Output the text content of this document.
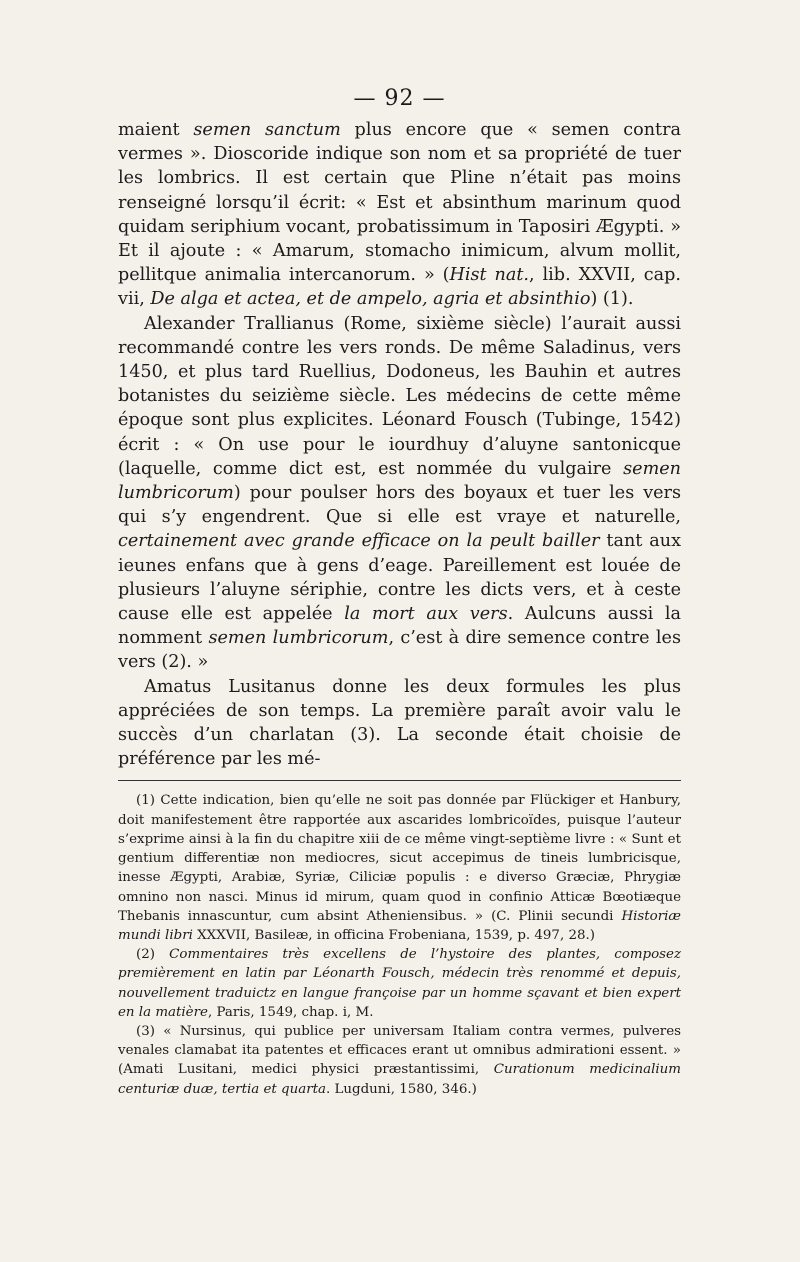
— 92 —

maient semen sanctum plus encore que « semen contra vermes ». Dioscoride indique son nom et sa propriété de tuer les lombrics. Il est certain que Pline n’était pas moins renseigné lorsqu’il écrit: « Est et absinthum marinum quod quidam seriphium vocant, probatissimum in Taposiri Ægypti. » Et il ajoute : « Amarum, stomacho inimicum, alvum mollit, pellitque animalia intercanorum. » (Hist nat., lib. XXVII, cap. vii, De alga et actea, et de ampelo, agria et absinthio) (1).

Alexander Trallianus (Rome, sixième siècle) l’aurait aussi recommandé contre les vers ronds. De même Saladinus, vers 1450, et plus tard Ruellius, Dodoneus, les Bauhin et autres botanistes du seizième siècle. Les médecins de cette même époque sont plus explicites. Léonard Fousch (Tubinge, 1542) écrit : « On use pour le iourdhuy d’aluyne santonicque (laquelle, comme dict est, est nommée du vulgaire semen lumbricorum) pour poulser hors des boyaux et tuer les vers qui s’y engendrent. Que si elle est vraye et naturelle, certainement avec grande efficace on la peult bailler tant aux ieunes enfans que à gens d’eage. Pareillement est louée de plusieurs l’aluyne sériphie, contre les dicts vers, et à ceste cause elle est appelée la mort aux vers. Aulcuns aussi la nomment semen lumbricorum, c’est à dire semence contre les vers (2). »

Amatus Lusitanus donne les deux formules les plus appréciées de son temps. La première paraît avoir valu le succès d’un charlatan (3). La seconde était choisie de préférence par les mé-

(1) Cette indication, bien qu’elle ne soit pas donnée par Flückiger et Hanbury, doit manifestement être rapportée aux ascarides lombricoïdes, puisque l’auteur s’exprime ainsi à la fin du chapitre xiii de ce même vingt-septième livre : « Sunt et gentium differentiæ non mediocres, sicut accepimus de tineis lumbricisque, inesse Ægypti, Arabiæ, Syriæ, Ciliciæ populis : e diverso Græciæ, Phrygiæ omnino non nasci. Minus id mirum, quam quod in confinio Atticæ Bœotiæque Thebanis innascuntur, cum absint Atheniensibus. » (C. Plinii secundi Historiæ mundi libri XXXVII, Basileæ, in officina Frobeniana, 1539, p. 497, 28.)

(2) Commentaires très excellens de l’hystoire des plantes, composez premièrement en latin par Léonarth Fousch, médecin très renommé et depuis, nouvellement traduictz en langue françoise par un homme sçavant et bien expert en la matière, Paris, 1549, chap. i, M.

(3) « Nursinus, qui publice per universam Italiam contra vermes, pulveres venales clamabat ita patentes et efficaces erant ut omnibus admirationi essent. » (Amati Lusitani, medici physici præstantissimi, Curationum medicinalium centuriæ duæ, tertia et quarta. Lugduni, 1580, 346.)
